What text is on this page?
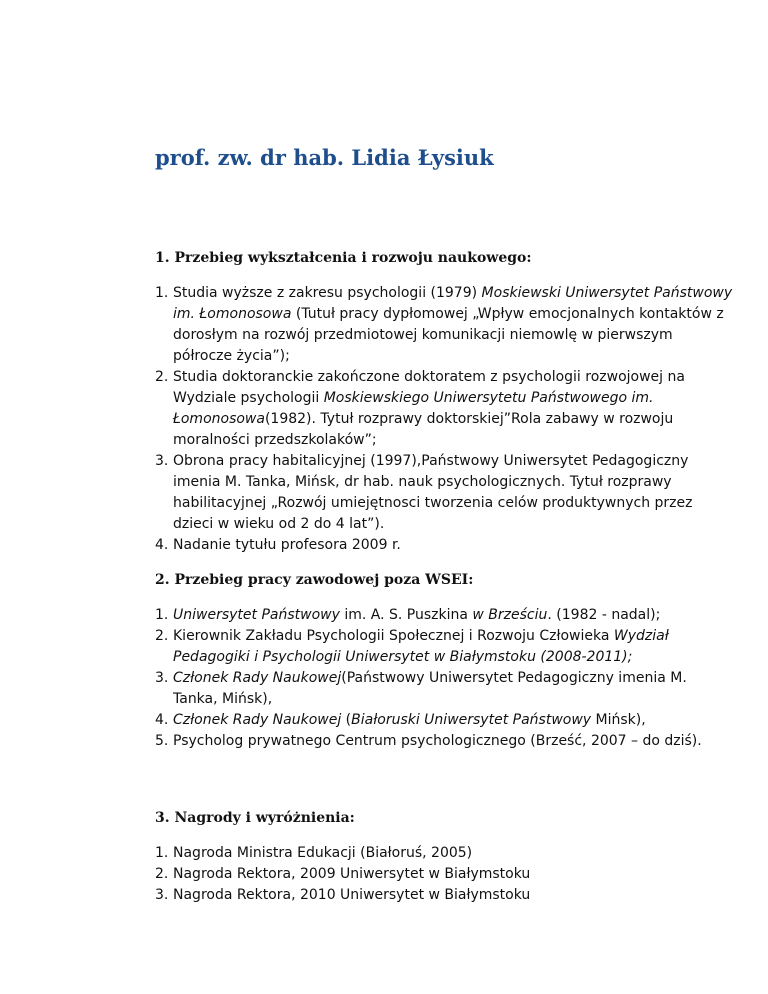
prof. zw. dr hab. Lidia Łysiuk
1. Przebieg wykształcenia i rozwoju naukowego:
1. Studia wyższe z zakresu psychologii (1979) Moskiewski Uniwersytet Państwowy im. Łomonosowa (Tutuł pracy dypłomowej „Wpływ emocjonalnych kontaktów z dorosłym na rozwój przedmiotowej komunikacji niemowlę w pierwszym półrocze życia”);
2. Studia doktoranckie zakończone doktoratem z psychologii rozwojowej na Wydziale psychologii Moskiewskiego Uniwersytetu Państwowego im. Łomonosowa(1982). Tytuł rozprawy doktorskiej”Rola zabawy w rozwoju moralności przedszkolaków”;
3. Obrona pracy habitalicyjnej (1997),Państwowy Uniwersytet Pedagogiczny imenia M. Tanka, Mińsk, dr hab. nauk psychologicznych. Tytuł rozprawy habilitacyjnej „Rozwój umiejętnosci tworzenia celów produktywnych przez dzieci w wieku od 2 do 4 lat”).
4. Nadanie tytułu profesora 2009 r.
2. Przebieg pracy zawodowej poza WSEI:
1. Uniwersytet Państwowy im. A. S. Puszkina w Brześciu. (1982 - nadal);
2. Kierownik Zakładu Psychologii Społecznej i Rozwoju Człowieka Wydział Pedagogiki i Psychologii Uniwersytet w Białymstoku (2008-2011);
3. Członek Rady Naukowej(Państwowy Uniwersytet Pedagogiczny imenia M. Tanka, Mińsk),
4. Członek Rady Naukowej (Białoruski Uniwersytet Państwowy Mińsk),
5. Psycholog prywatnego Centrum psychologicznego (Brześć, 2007 – do dziś).
3. Nagrody i wyróżnienia:
1. Nagroda Ministra Edukacji (Białoruś, 2005)
2. Nagroda Rektora, 2009 Uniwersytet w Białymstoku
3. Nagroda Rektora, 2010 Uniwersytet w Białymstoku
